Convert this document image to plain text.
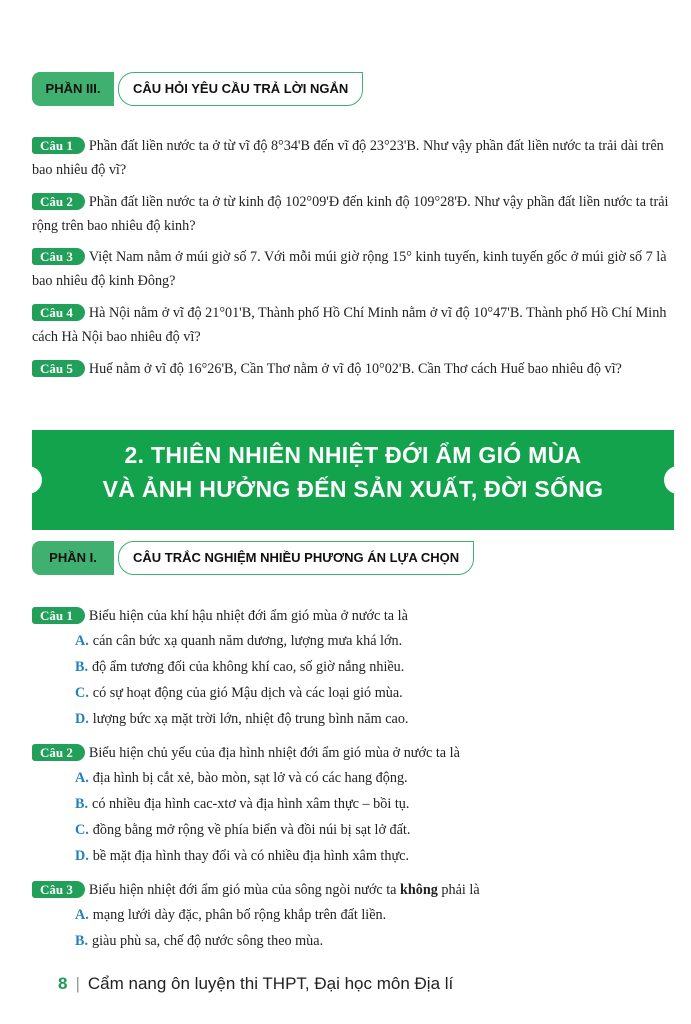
PHẦN III.	CÂU HỎI YÊU CẦU TRẢ LỜI NGẮN
Câu 1 Phần đất liền nước ta ở từ vĩ độ 8°34'B đến vĩ độ 23°23'B. Như vậy phần đất liền nước ta trải dài trên bao nhiêu độ vĩ?
Câu 2 Phần đất liền nước ta ở từ kinh độ 102°09'Đ đến kinh độ 109°28'Đ. Như vậy phần đất liền nước ta trải rộng trên bao nhiêu độ kinh?
Câu 3 Việt Nam nằm ở múi giờ số 7. Với mỗi múi giờ rộng 15° kinh tuyến, kinh tuyến gốc ở múi giờ số 7 là bao nhiêu độ kinh Đông?
Câu 4 Hà Nội nằm ở vĩ độ 21°01'B, Thành phố Hồ Chí Minh nằm ở vĩ độ 10°47'B. Thành phố Hồ Chí Minh cách Hà Nội bao nhiêu độ vĩ?
Câu 5 Huế nằm ở vĩ độ 16°26'B, Cần Thơ nằm ở vĩ độ 10°02'B. Cần Thơ cách Huế bao nhiêu độ vĩ?
2. THIÊN NHIÊN NHIỆT ĐỚI ẨM GIÓ MÙA
VÀ ẢNH HƯỞNG ĐẾN SẢN XUẤT, ĐỜI SỐNG
PHẦN I.	CÂU TRẮC NGHIỆM NHIỀU PHƯƠNG ÁN LỰA CHỌN
Câu 1 Biểu hiện của khí hậu nhiệt đới ẩm gió mùa ở nước ta là
A. cán cân bức xạ quanh năm dương, lượng mưa khá lớn.
B. độ ẩm tương đối của không khí cao, số giờ nắng nhiều.
C. có sự hoạt động của gió Mậu dịch và các loại gió mùa.
D. lượng bức xạ mặt trời lớn, nhiệt độ trung bình năm cao.
Câu 2 Biểu hiện chủ yếu của địa hình nhiệt đới ẩm gió mùa ở nước ta là
A. địa hình bị cắt xẻ, bào mòn, sạt lở và có các hang động.
B. có nhiều địa hình cac-xtơ và địa hình xâm thực – bồi tụ.
C. đồng bằng mở rộng về phía biển và đồi núi bị sạt lở đất.
D. bề mặt địa hình thay đổi và có nhiều địa hình xâm thực.
Câu 3 Biểu hiện nhiệt đới ẩm gió mùa của sông ngòi nước ta không phải là
A. mạng lưới dày đặc, phân bố rộng khắp trên đất liền.
B. giàu phù sa, chế độ nước sông theo mùa.
8 | Cẩm nang ôn luyện thi THPT, Đại học môn Địa lí
